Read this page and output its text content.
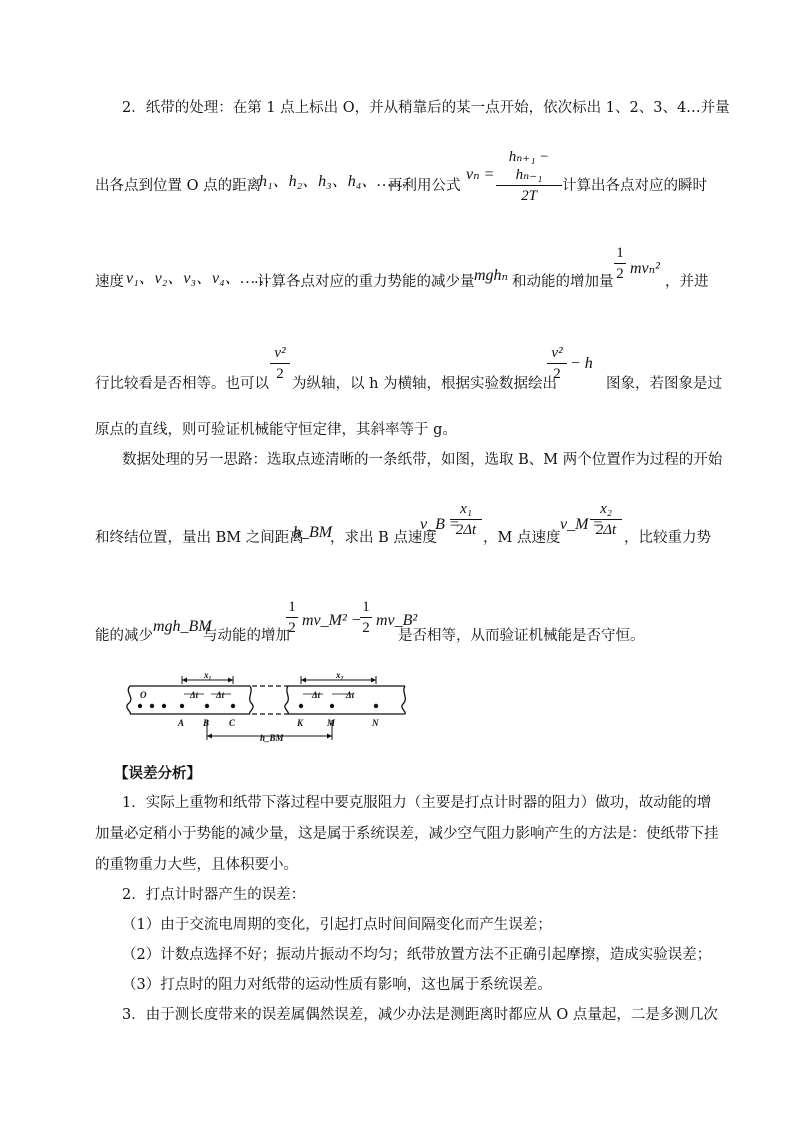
2．纸带的处理：在第 1 点上标出 O，并从稍靠后的某一点开始，依次标出 1、2、3、4…并量
出各点到位置 O 点的距离
h₁、h₂、h₃、h₄、……
再利用公式
vₙ =
hₙ₊₁ − hₙ₋₁
2T
计算出各点对应的瞬时
速度 v₁、v₂、v₃、v₄、……
计算各点对应的重力势能的减少量 mghₙ 和动能的增加量
1
2 mvₙ²
，并进
行比较看是否相等。也可以
v²
2
为纵轴，以 h 为横轴，根据实验数据绘出
v²
2
− h
图象，若图象是过
原点的直线，则可验证机械能守恒定律，其斜率等于 g。
数据处理的另一思路：选取点迹清晰的一条纸带，如图，选取 B、M 两个位置作为过程的开始
和终结位置，量出 BM 之间距离
h_BM
，求出 B 点速度
v_B =
x₁
2Δt ，M 点速度
v_M =
x₂
2Δt ，比较重力势
能的减少
mgh_BM
与动能的增加
1
2 mv_M² −
1
2 mv_B²
是否相等，从而验证机械能是否守恒。
O
A B C	K	M	N
x₁	x₂
Δt
Δt	Δt	Δt
h_BM
【误差分析】
1．实际上重物和纸带下落过程中要克服阻力（主要是打点计时器的阻力）做功，故动能的增
加量必定稍小于势能的减少量，这是属于系统误差，减少空气阻力影响产生的方法是：使纸带下挂
的重物重力大些，且体积要小。
2．打点计时器产生的误差：
（1）由于交流电周期的变化，引起打点时间间隔变化而产生误差；
（2）计数点选择不好；振动片振动不均匀；纸带放置方法不正确引起摩擦，造成实验误差；
（3）打点时的阻力对纸带的运动性质有影响，这也属于系统误差。
3．由于测长度带来的误差属偶然误差，减少办法是测距离时都应从 O 点量起，二是多测几次
